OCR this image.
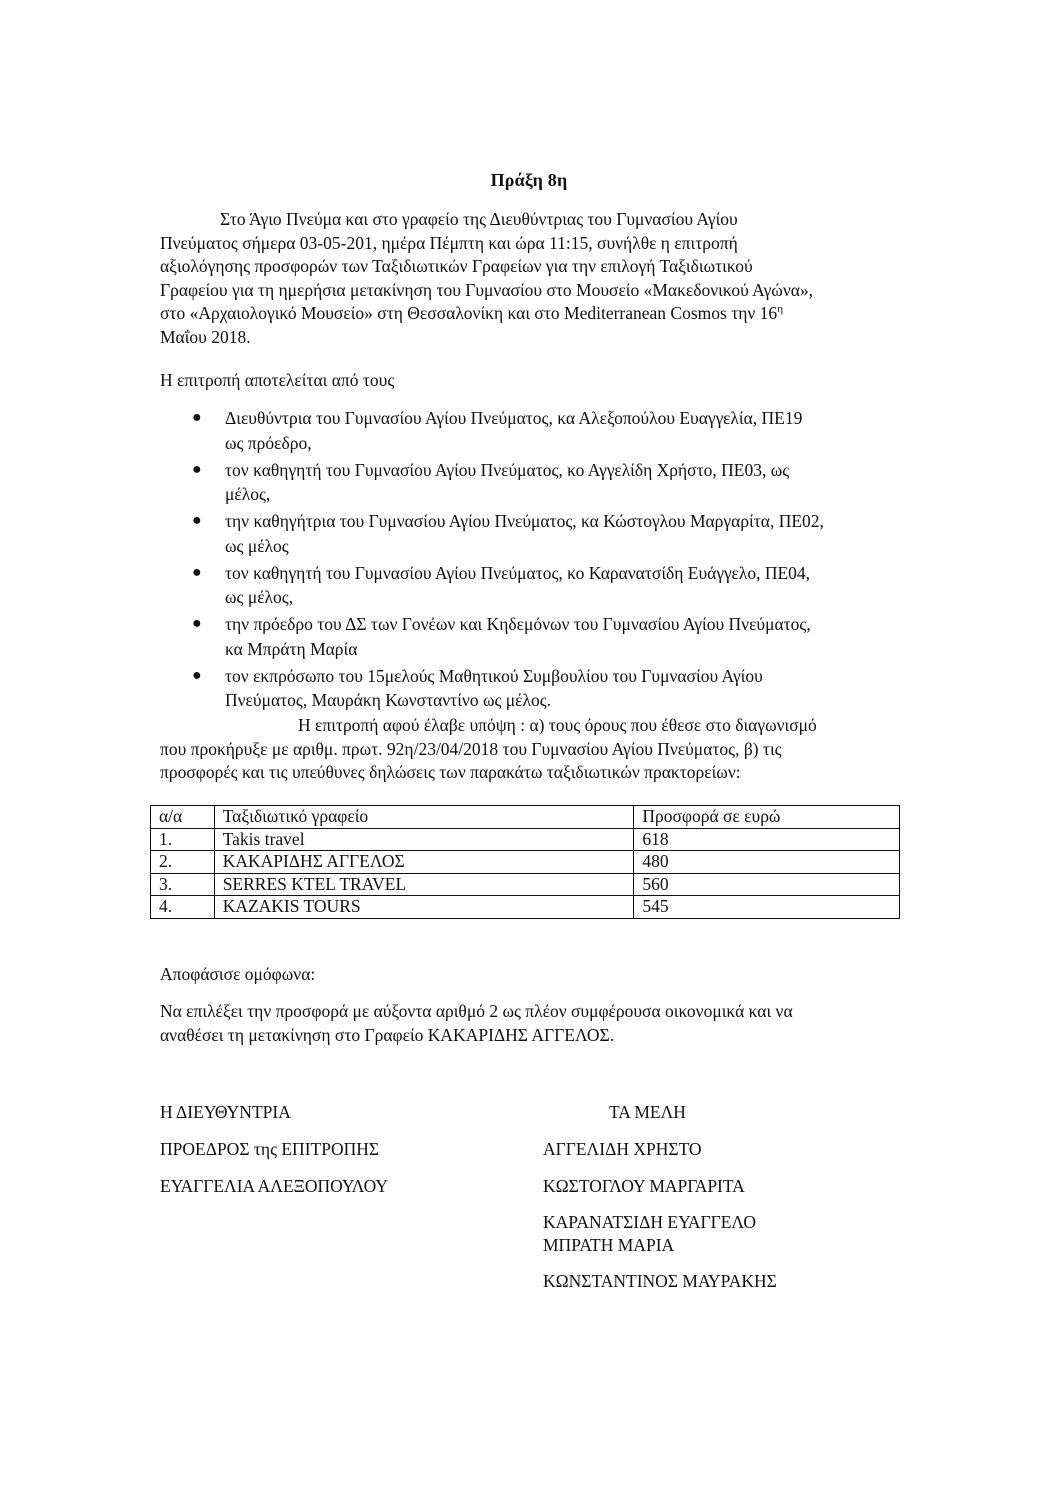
Πράξη 8η
Στο Άγιο Πνεύμα και στο γραφείο της Διευθύντριας του Γυμνασίου Αγίου
Πνεύματος σήμερα 03-05-201, ημέρα Πέμπτη και ώρα 11:15, συνήλθε η επιτροπή
αξιολόγησης προσφορών των Ταξιδιωτικών Γραφείων για την επιλογή Ταξιδιωτικού
Γραφείου για τη ημερήσια μετακίνηση του Γυμνασίου στο Μουσείο «Μακεδονικού Αγώνα»,
στο «Αρχαιολογικό Μουσείο» στη Θεσσαλονίκη και στο Mediterranean Cosmos την $16^\eta$
Μαΐου 2018.
Η επιτροπή αποτελείται από τους
● Διευθύντρια του Γυμνασίου Αγίου Πνεύματος, κα Αλεξοπούλου Ευαγγελία, ΠΕ19
ως πρόεδρο,
● τον καθηγητή του Γυμνασίου Αγίου Πνεύματος, κο Αγγελίδη Χρήστο, ΠΕ03, ως
μέλος,
● την καθηγήτρια του Γυμνασίου Αγίου Πνεύματος, κα Κώστογλου Μαργαρίτα, ΠΕ02,
ως μέλος
● τον καθηγητή του Γυμνασίου Αγίου Πνεύματος, κο Καρανατσίδη Ευάγγελο, ΠΕ04,
ως μέλος,
● την πρόεδρο του ΔΣ των Γονέων και Κηδεμόνων του Γυμνασίου Αγίου Πνεύματος,
κα Μπράτη Μαρία
● τον εκπρόσωπο του 15μελούς Μαθητικού Συμβουλίου του Γυμνασίου Αγίου
Πνεύματος, Μαυράκη Κωνσταντίνο ως μέλος.
Η επιτροπή αφού έλαβε υπόψη : α) τους όρους που έθεσε στο διαγωνισμό
που προκήρυξε με αριθμ. πρωτ. 92η/23/04/2018 του Γυμνασίου Αγίου Πνεύματος, β) τις
προσφορές και τις υπεύθυνες δηλώσεις των παρακάτω ταξιδιωτικών πρακτορείων:
α/α	Ταξιδιωτικό γραφείο	Προσφορά σε ευρώ
1.	Takis travel	618
2.	ΚΑΚΑΡΙΔΗΣ ΑΓΓΕΛΟΣ	480
3.	SERRES KTEL TRAVEL	560
4.	KAZAKIS TOURS	545
Αποφάσισε ομόφωνα:
Να επιλέξει την προσφορά με αύξοντα αριθμό 2 ως πλέον συμφέρουσα οικονομικά και να
αναθέσει τη μετακίνηση στο Γραφείο ΚΑΚΑΡΙΔΗΣ ΑΓΓΕΛΟΣ.
Η ΔΙΕΥΘΥΝΤΡΙΑ
ΠΡΟΕΔΡΟΣ της ΕΠΙΤΡΟΠΗΣ
ΕΥΑΓΓΕΛΙΑ ΑΛΕΞΟΠΟΥΛΟΥ
ΤΑ ΜΕΛΗ
ΑΓΓΕΛΙΔΗ ΧΡΗΣΤΟ
ΚΩΣΤΟΓΛΟΥ ΜΑΡΓΑΡΙΤΑ
ΚΑΡΑΝΑΤΣΙΔΗ ΕΥΑΓΓΕΛΟ
ΜΠΡΑΤΗ ΜΑΡΙΑ
ΚΩΝΣΤΑΝΤΙΝΟΣ ΜΑΥΡΑΚΗΣ
